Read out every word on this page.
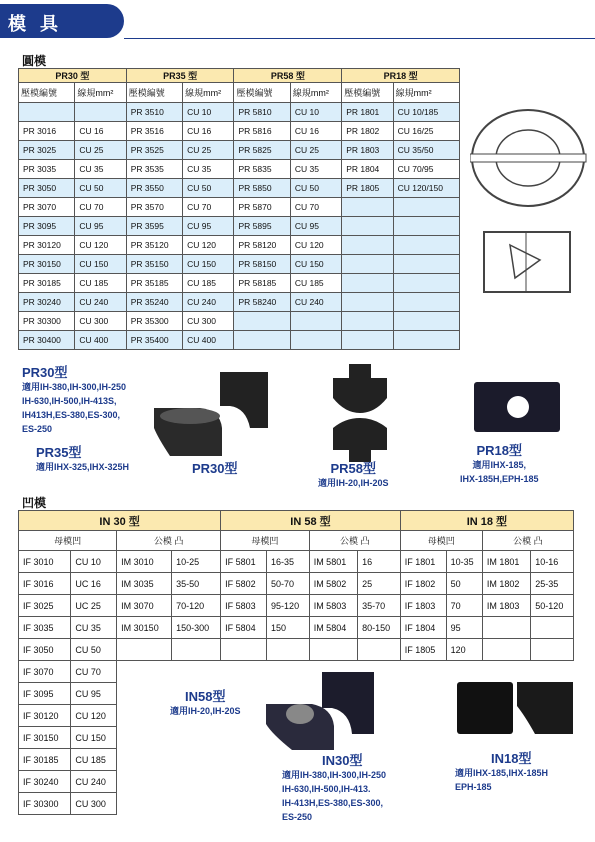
模具
圓模
PR30 型		PR35 型		PR58 型		PR18 型	
壓模編號	線規mm²	壓模編號	線規mm²	壓模編號	線規mm²	壓模編號	線規mm²
		PR 3510	CU 10	PR 5810	CU 10	PR 1801	CU 10/185
PR 3016	CU 16	PR 3516	CU 16	PR 5816	CU 16	PR 1802	CU 16/25
PR 3025	CU 25	PR 3525	CU 25	PR 5825	CU 25	PR 1803	CU 35/50
PR 3035	CU 35	PR 3535	CU 35	PR 5835	CU 35	PR 1804	CU 70/95
PR 3050	CU 50	PR 3550	CU 50	PR 5850	CU 50	PR 1805	CU 120/150
PR 3070	CU 70	PR 3570	CU 70	PR 5870	CU 70		
PR 3095	CU 95	PR 3595	CU 95	PR 5895	CU 95		
PR 30120	CU 120	PR 35120	CU 120	PR 58120	CU 120		
PR 30150	CU 150	PR 35150	CU 150	PR 58150	CU 150		
PR 30185	CU 185	PR 35185	CU 185	PR 58185	CU 185		
PR 30240	CU 240	PR 35240	CU 240	PR 58240	CU 240		
PR 30300	CU 300	PR 35300	CU 300				
PR 30400	CU 400	PR 35400	CU 400				
PR30型
適用IH-380,IH-300,IH-250
IH-630,IH-500,IH-413S,
IH413H,ES-380,ES-300,
ES-250
PR35型
適用IHX-325,IHX-325H	PR30型	PR58型
適用IH-20,IH-20S
PR18型
適用IHX-185,
IHX-185H,EPH-185
凹模
IN 30 型				IN 58 型				IN 18 型			
母模凹		公模 凸		母模凹		公模 凸		母模凹		公模 凸	
IF 3010	CU 10	IM 3010	10-25	IF 5801	16-35	IM 5801	16	IF 1801	10-35	IM 1801	10-16
IF 3016	UC 16	IM 3035	35-50	IF 5802	50-70	IM 5802	25	IF 1802	50	IM 1802	25-35
IF 3025	UC 25	IM 3070	70-120	IF 5803	95-120	IM 5803	35-70	IF 1803	70	IM 1803	50-120
IF 3035	CU 35	IM 30150	150-300	IF 5804	150	IM 5804	80-150	IF 1804	95		
IF 3050	CU 50							IF 1805	120		
IF 3070	CU 70										
IF 3095	CU 95										
IF 30120	CU 120										
IF 30150	CU 150										
IF 30185	CU 185										
IF 30240	CU 240										
IF 30300	CU 300										
IN58型
適用IH-20,IH-20S
IN30型
適用IH-380,IH-300,IH-250
IH-630,IH-500,IH-413.
IH-413H,ES-380,ES-300,
ES-250
IN18型
適用IHX-185,IHX-185H
EPH-185
